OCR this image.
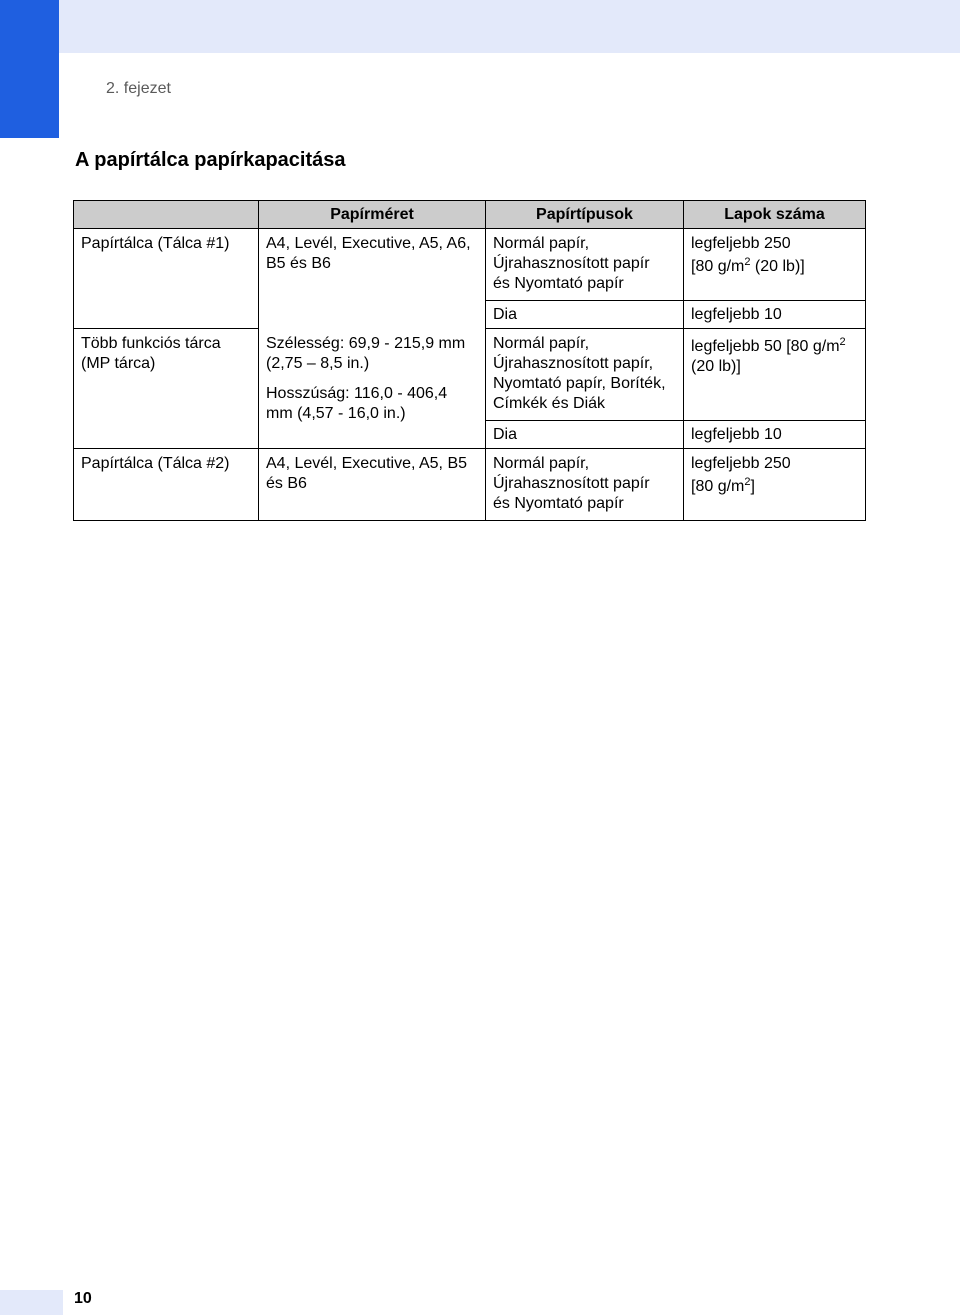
2. fejezet
A papírtálca papírkapacitása

	Papírméret	Papírtípusok	Lapok száma

Papírtálca (Tálca #1)	A4, Levél, Executive, A5, A6,
B5 és B6	Normál papír,
Újrahasznosított papír
és Nyomtató papír	legfeljebb 250
[80 $g/m^2$ (20 lb)]

		Dia	legfeljebb 10

Több funkciós tárca
(MP tárca)	Szélesség: 69,9 - 215,9 mm
(2,75 – 8,5 in.)
Hosszúság: 116,0 - 406,4
mm (4,57 - 16,0 in.)	Normál papír,
Újrahasznosított papír,
Nyomtató papír, Boríték,
Címkék és Diák	legfeljebb 50 [80 $g/m^2$
(20 lb)]

		Dia	legfeljebb 10
Papírtálca (Tálca #2)	A4, Levél, Executive, A5, B5
és B6	Normál papír,
Újrahasznosított papír
és Nyomtató papír	legfeljebb 250
[80 $g/m^2$]
10
